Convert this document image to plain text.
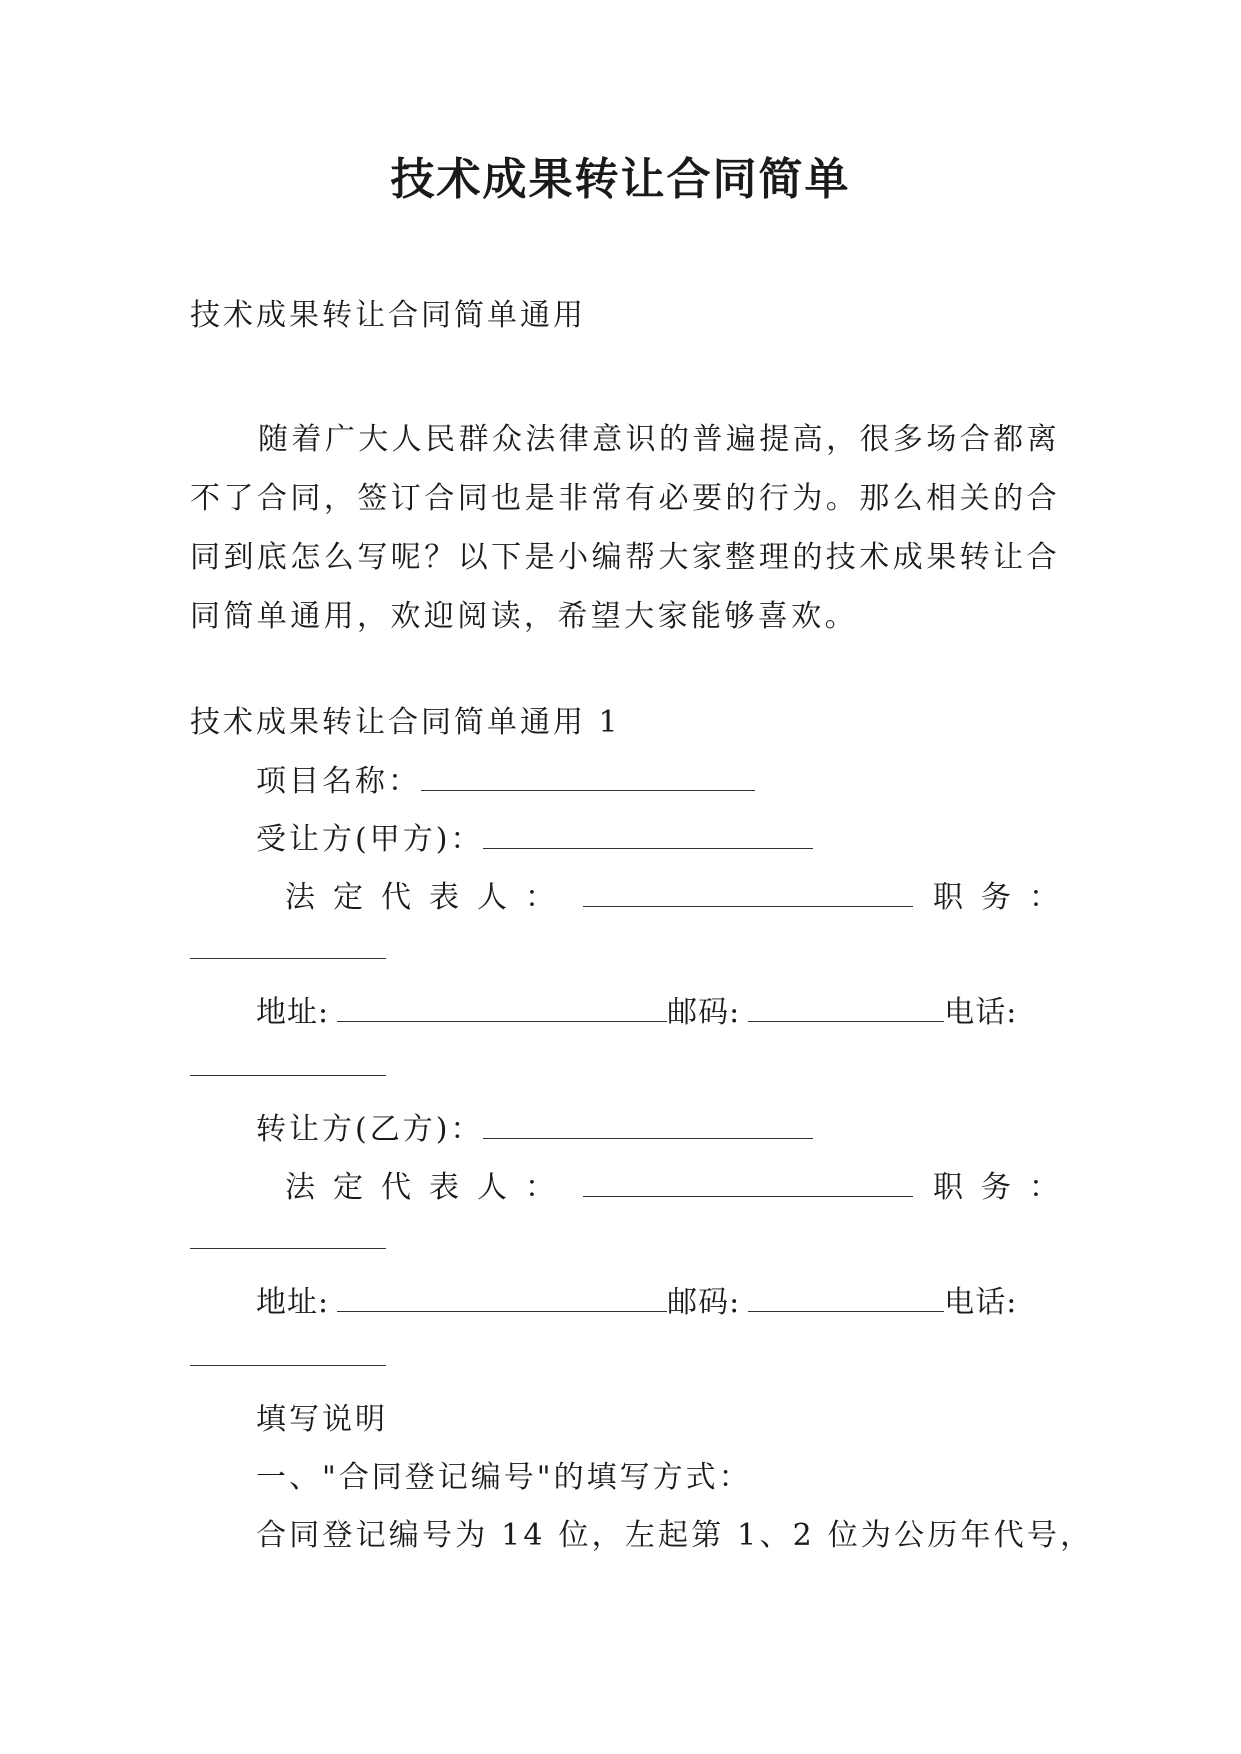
技术成果转让合同简单
技术成果转让合同简单通用
随着广大人民群众法律意识的普遍提高，很多场合都离不了合同，签订合同也是非常有必要的行为。那么相关的合同到底怎么写呢？以下是小编帮大家整理的技术成果转让合同简单通用，欢迎阅读，希望大家能够喜欢。
技术成果转让合同简单通用 1
项目名称：
受让方(甲方)：
法定代表人：	职务：
地址:	邮码:	电话:
转让方(乙方)：
法定代表人：	职务：
地址:	邮码:	电话:
填写说明
一、"合同登记编号"的填写方式：
合同登记编号为 14 位，左起第 1、2 位为公历年代号，
